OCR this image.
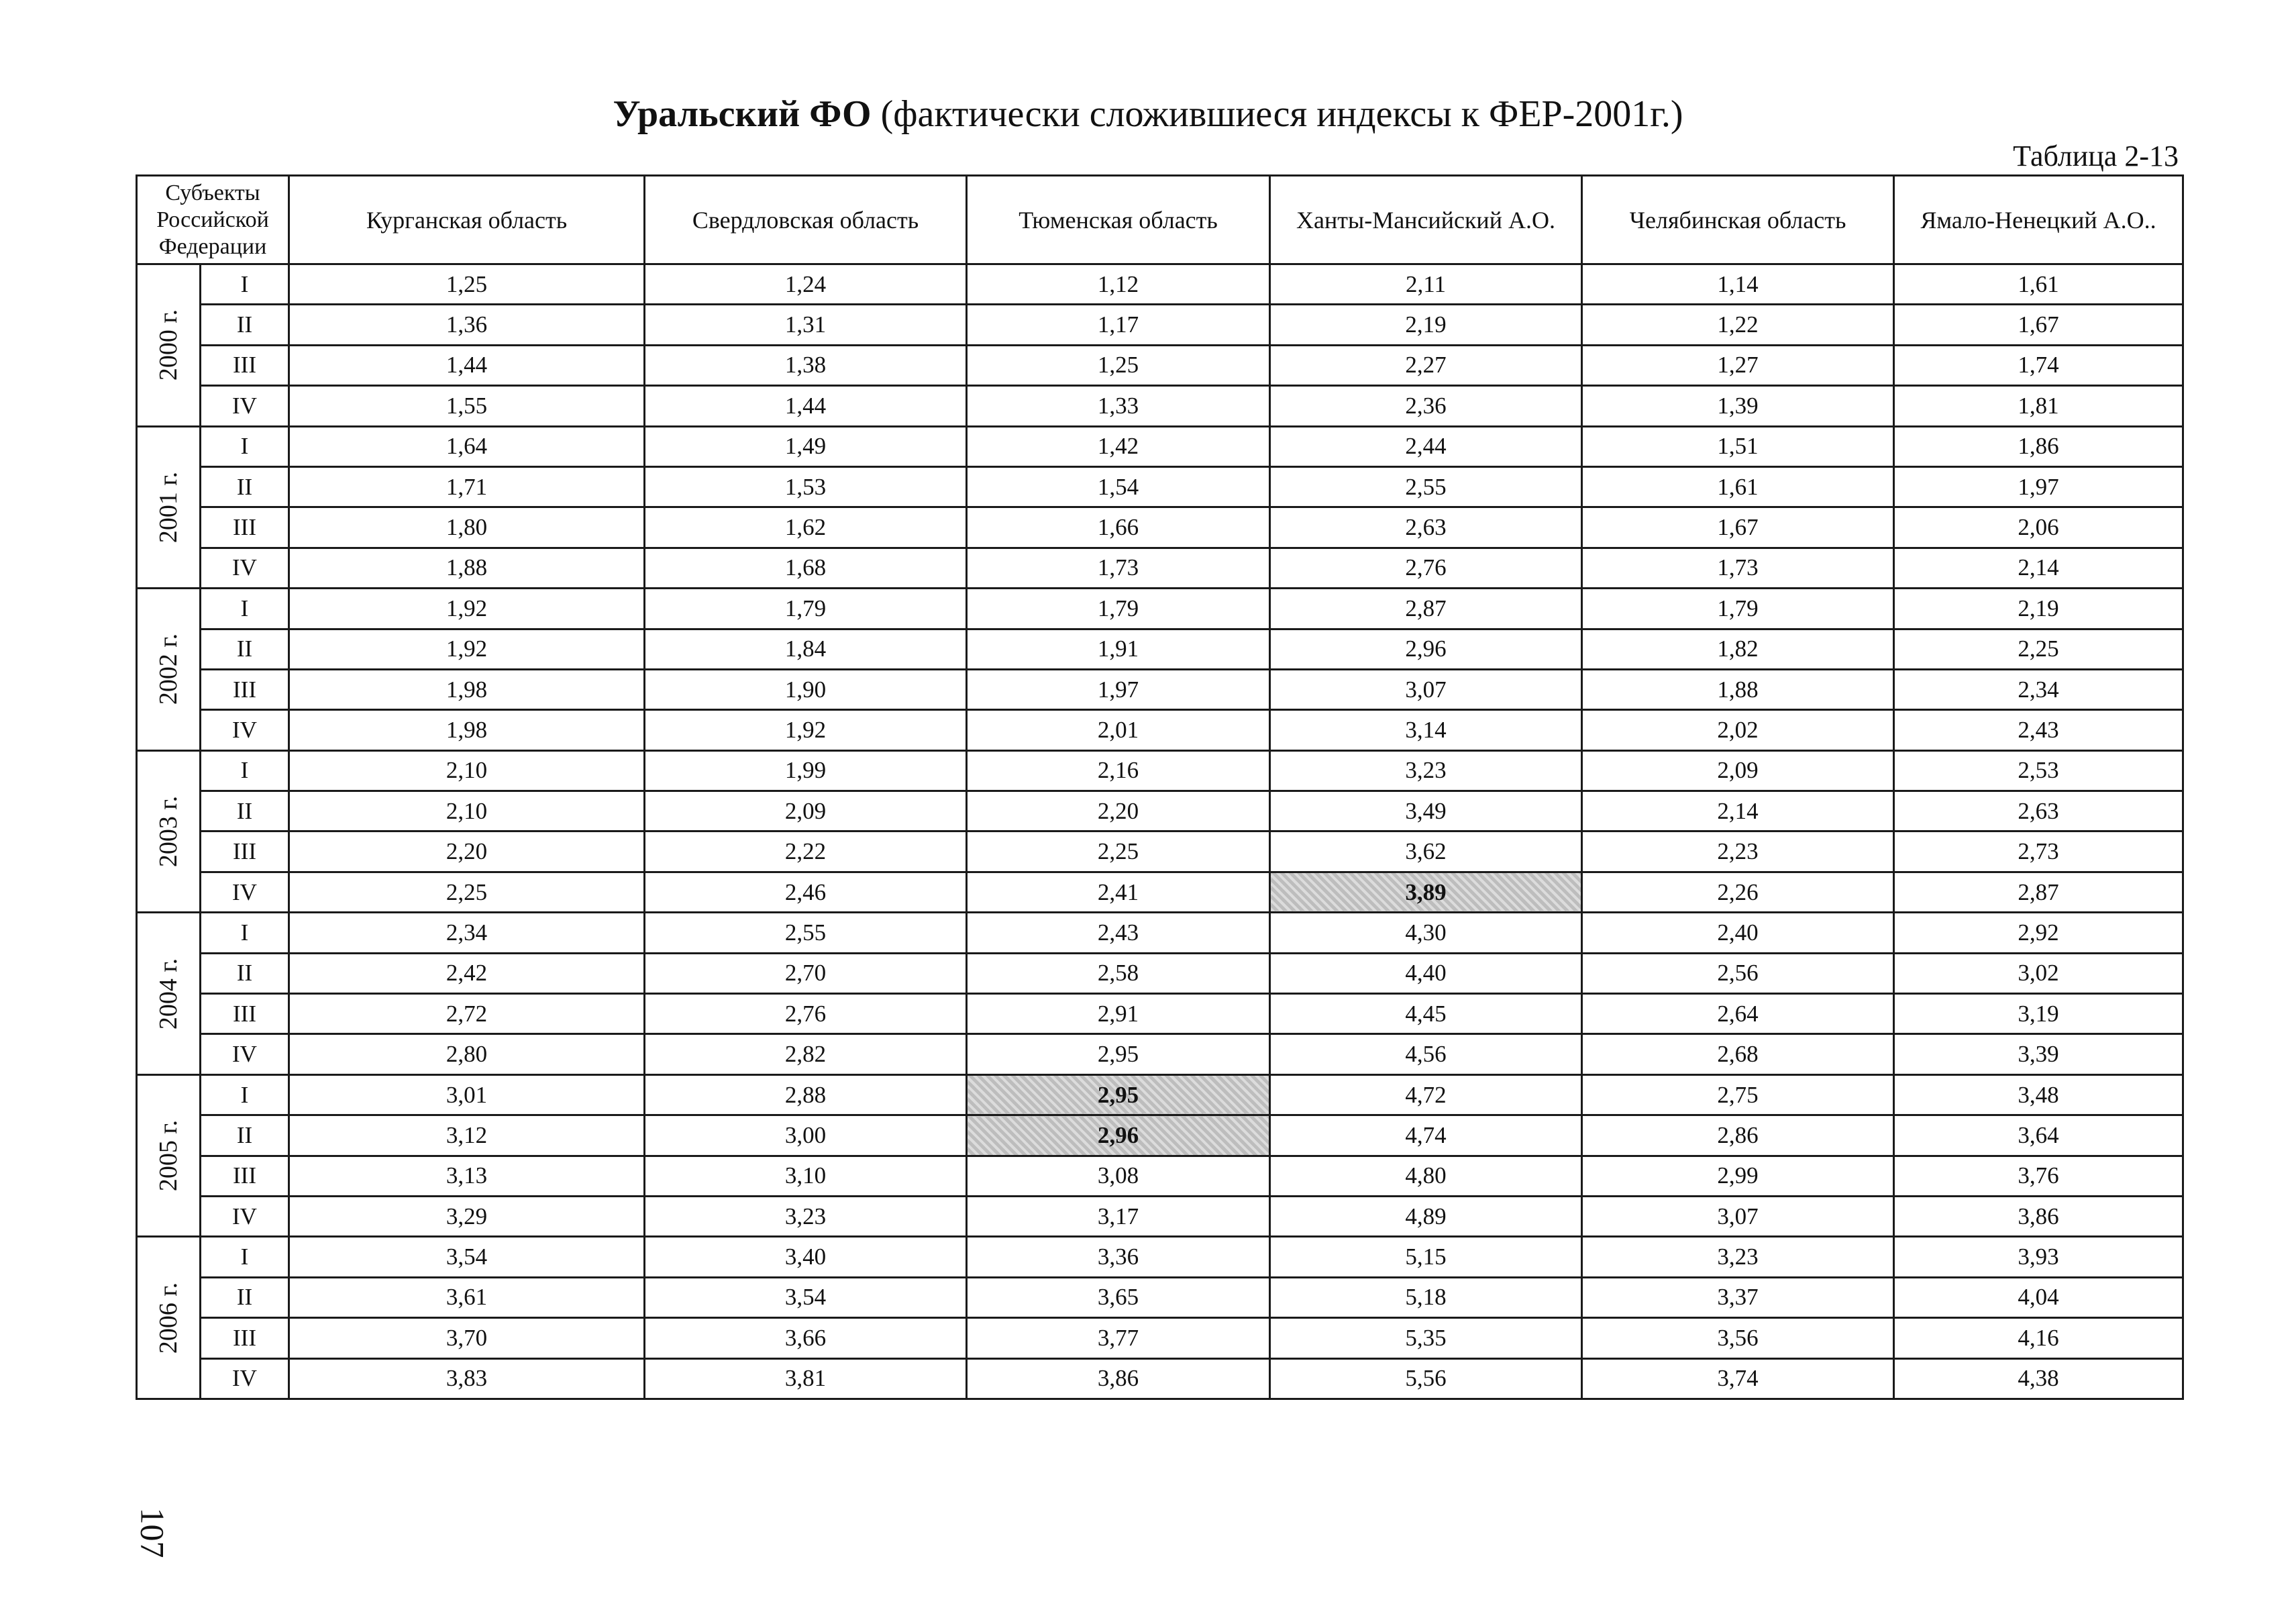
Уральский ФО (фактически сложившиеся индексы к ФЕР-2001г.)
Таблица 2-13
Субъекты Российской Федерации		Курганская область	Свердловская область	Тюменская область	Ханты-Мансийский А.О.	Челябинская область	Ямало-Ненецкий А.О..

2000 г.	I	1,25	1,24	1,12	2,11	1,14	1,61
	II	1,36	1,31	1,17	2,19	1,22	1,67
	III	1,44	1,38	1,25	2,27	1,27	1,74
	IV	1,55	1,44	1,33	2,36	1,39	1,81

2001 г.	I	1,64	1,49	1,42	2,44	1,51	1,86
	II	1,71	1,53	1,54	2,55	1,61	1,97
	III	1,80	1,62	1,66	2,63	1,67	2,06
	IV	1,88	1,68	1,73	2,76	1,73	2,14

2002 г.	I	1,92	1,79	1,79	2,87	1,79	2,19
	II	1,92	1,84	1,91	2,96	1,82	2,25
	III	1,98	1,90	1,97	3,07	1,88	2,34
	IV	1,98	1,92	2,01	3,14	2,02	2,43

2003 г.	I	2,10	1,99	2,16	3,23	2,09	2,53
	II	2,10	2,09	2,20	3,49	2,14	2,63
	III	2,20	2,22	2,25	3,62	2,23	2,73
	IV	2,25	2,46	2,41	3,89	2,26	2,87

2004 г.	I	2,34	2,55	2,43	4,30	2,40	2,92
	II	2,42	2,70	2,58	4,40	2,56	3,02
	III	2,72	2,76	2,91	4,45	2,64	3,19
	IV	2,80	2,82	2,95	4,56	2,68	3,39

2005 г.	I	3,01	2,88	2,95	4,72	2,75	3,48
	II	3,12	3,00	2,96	4,74	2,86	3,64
	III	3,13	3,10	3,08	4,80	2,99	3,76
	IV	3,29	3,23	3,17	4,89	3,07	3,86

2006 г.	I	3,54	3,40	3,36	5,15	3,23	3,93
	II	3,61	3,54	3,65	5,18	3,37	4,04
	III	3,70	3,66	3,77	5,35	3,56	4,16
	IV	3,83	3,81	3,86	5,56	3,74	4,38
107
